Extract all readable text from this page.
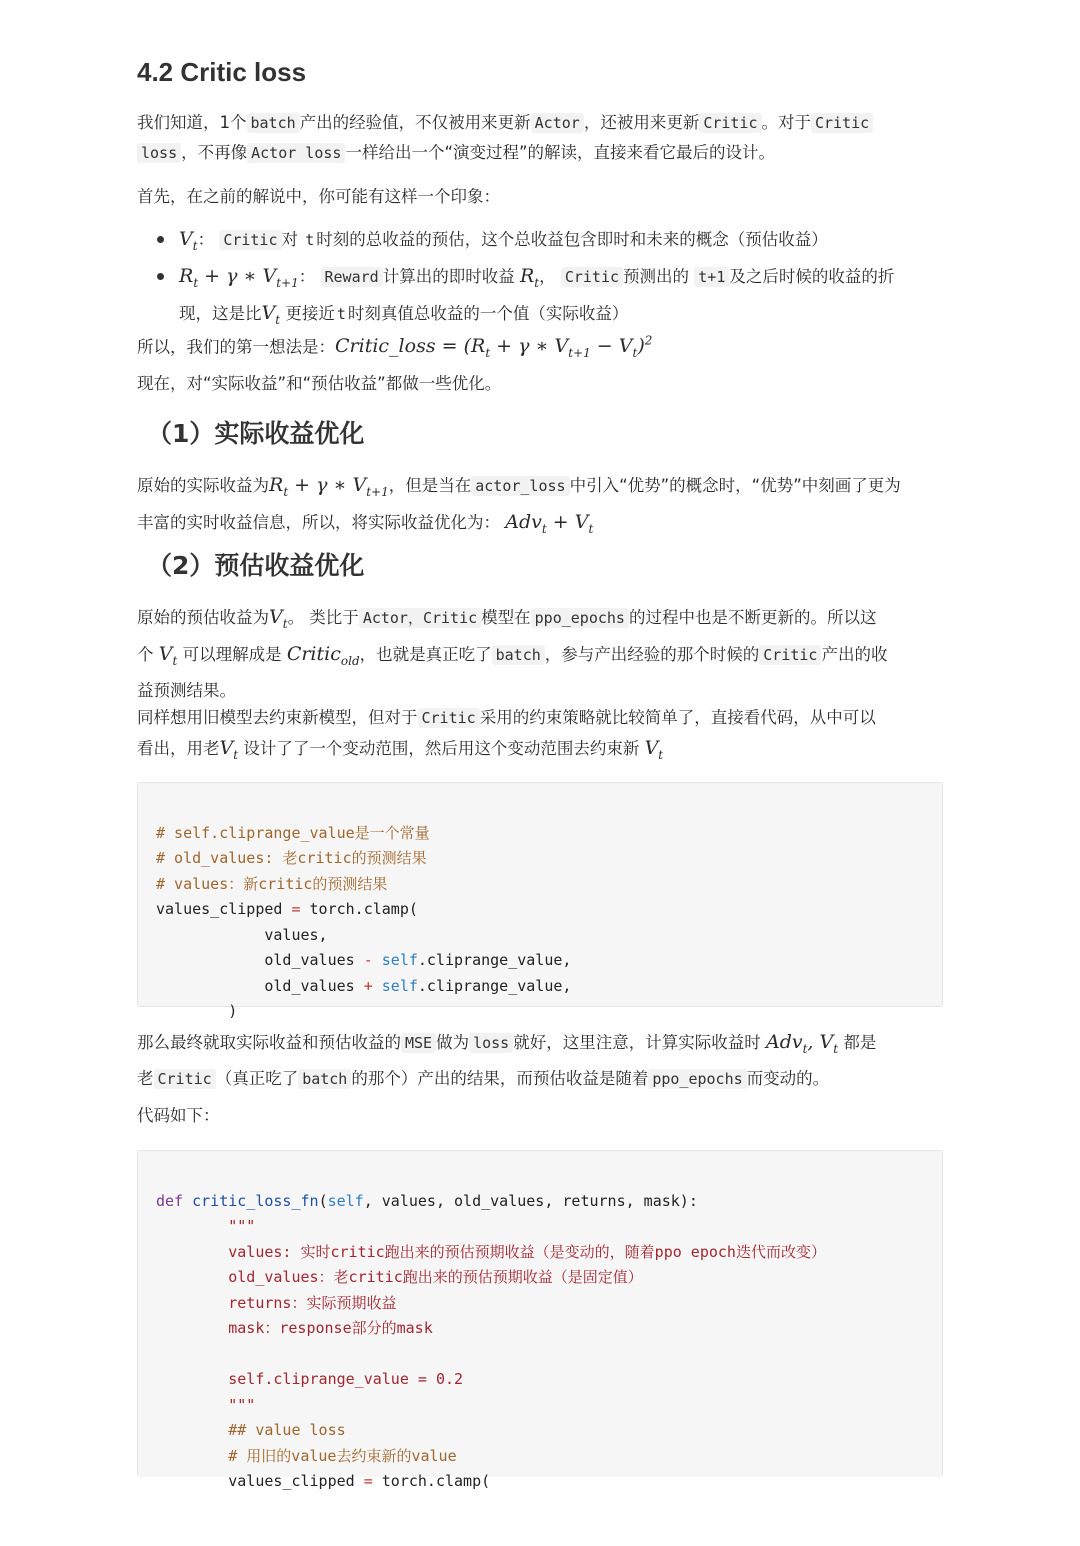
4.2 Critic loss
我们知道，1个 batch 产出的经验值，不仅被用来更新 Actor ，还被用来更新 Critic 。对于 Critic
loss ，不再像 Actor loss 一样给出一个“演变过程”的解读，直接来看它最后的设计。
首先，在之前的解说中，你可能有这样一个印象：
$V_t$： Critic 对 t 时刻的总收益的预估，这个总收益包含即时和未来的概念（预估收益）
$R_t + \gamma$ ∗ $V_{t+1}$： Reward 计算出的即时收益 $R_t$， Critic 预测出的 t+1 及之后时候的收益的折
现，这是比$V_t$ 更接近 t 时刻真值总收益的一个值（实际收益）
所以，我们的第一想法是：Critic_loss = ($R_t + \gamma$ ∗ $V_{t+1} - V_t)^2$
现在，对“实际收益”和“预估收益”都做一些优化。
（1）实际收益优化
原始的实际收益为$R_t + \gamma$ ∗ $V_{t+1}$，但是当在 actor_loss 中引入“优势”的概念时，“优势”中刻画了更为
丰富的实时收益信息，所以，将实际收益优化为： $Adv_t + V_t$
（2）预估收益优化
原始的预估收益为$V_t$。 类比于 Actor，Critic 模型在 ppo_epochs 的过程中也是不断更新的。所以这
个 $V_t$ 可以理解成是 Critic$_{old}$，也就是真正吃了 batch ，参与产出经验的那个时候的 Critic 产出的收
益预测结果。
同样想用旧模型去约束新模型，但对于 Critic 采用的约束策略就比较简单了，直接看代码，从中可以
看出，用老$V_t$ 设计了了一个变动范围，然后用这个变动范围去约束新 $V_t$

# self.cliprange_value是一个常量
# old_values: 老critic的预测结果
# values：新critic的预测结果
values_clipped = torch.clamp(
values,
old_values - self.cliprange_value,
old_values + self.cliprange_value,
)

那么最终就取实际收益和预估收益的 MSE 做为 loss 就好，这里注意，计算实际收益时 Adv$_t$, $V_t$ 都是
老 Critic （真正吃了 batch 的那个）产出的结果，而预估收益是随着 ppo_epochs 而变动的。
代码如下：

def critic_loss_fn(self, values, old_values, returns, mask):
"""
values: 实时critic跑出来的预估预期收益（是变动的，随着ppo epoch迭代而改变）
old_values：老critic跑出来的预估预期收益（是固定值）
returns：实际预期收益
mask：response部分的mask

self.cliprange_value = 0.2
"""
## value loss
# 用旧的value去约束新的value
values_clipped = torch.clamp(
